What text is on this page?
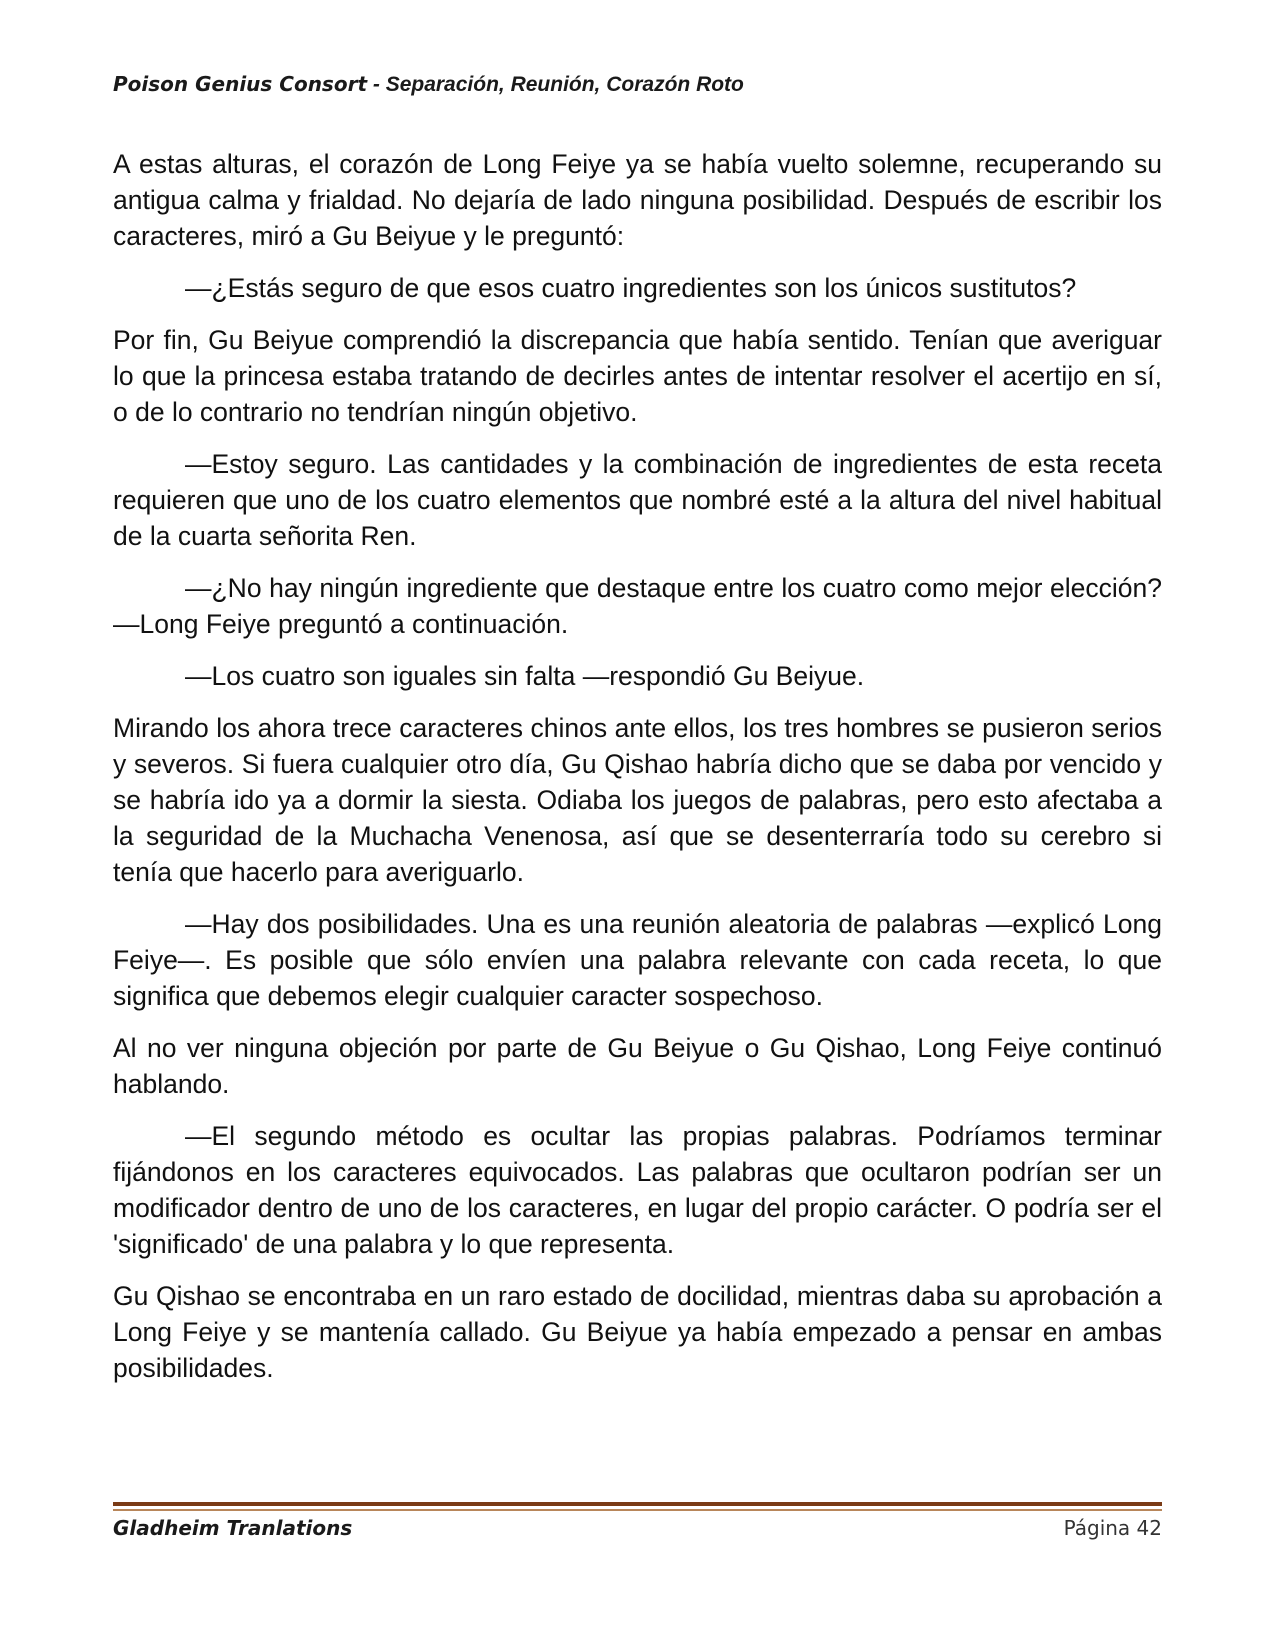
Poison Genius Consort - Separación, Reunión, Corazón Roto

A estas alturas, el corazón de Long Feiye ya se había vuelto solemne, recuperando su antigua calma y frialdad. No dejaría de lado ninguna posibilidad. Después de escribir los caracteres, miró a Gu Beiyue y le preguntó:

—¿Estás seguro de que esos cuatro ingredientes son los únicos sustitutos?

Por fin, Gu Beiyue comprendió la discrepancia que había sentido. Tenían que averiguar lo que la princesa estaba tratando de decirles antes de intentar resolver el acertijo en sí, o de lo contrario no tendrían ningún objetivo.

—Estoy seguro. Las cantidades y la combinación de ingredientes de esta receta requieren que uno de los cuatro elementos que nombré esté a la altura del nivel habitual de la cuarta señorita Ren.

—¿No hay ningún ingrediente que destaque entre los cuatro como mejor elección? —Long Feiye preguntó a continuación.

—Los cuatro son iguales sin falta —respondió Gu Beiyue.

Mirando los ahora trece caracteres chinos ante ellos, los tres hombres se pusieron serios y severos. Si fuera cualquier otro día, Gu Qishao habría dicho que se daba por vencido y se habría ido ya a dormir la siesta. Odiaba los juegos de palabras, pero esto afectaba a la seguridad de la Muchacha Venenosa, así que se desenterraría todo su cerebro si tenía que hacerlo para averiguarlo.

—Hay dos posibilidades. Una es una reunión aleatoria de palabras —explicó Long Feiye—. Es posible que sólo envíen una palabra relevante con cada receta, lo que significa que debemos elegir cualquier caracter sospechoso.

Al no ver ninguna objeción por parte de Gu Beiyue o Gu Qishao, Long Feiye continuó hablando.

—El segundo método es ocultar las propias palabras. Podríamos terminar fijándonos en los caracteres equivocados. Las palabras que ocultaron podrían ser un modificador dentro de uno de los caracteres, en lugar del propio carácter. O podría ser el 'significado' de una palabra y lo que representa.

Gu Qishao se encontraba en un raro estado de docilidad, mientras daba su aprobación a Long Feiye y se mantenía callado. Gu Beiyue ya había empezado a pensar en ambas posibilidades.

Gladheim Tranlations	Página 42
